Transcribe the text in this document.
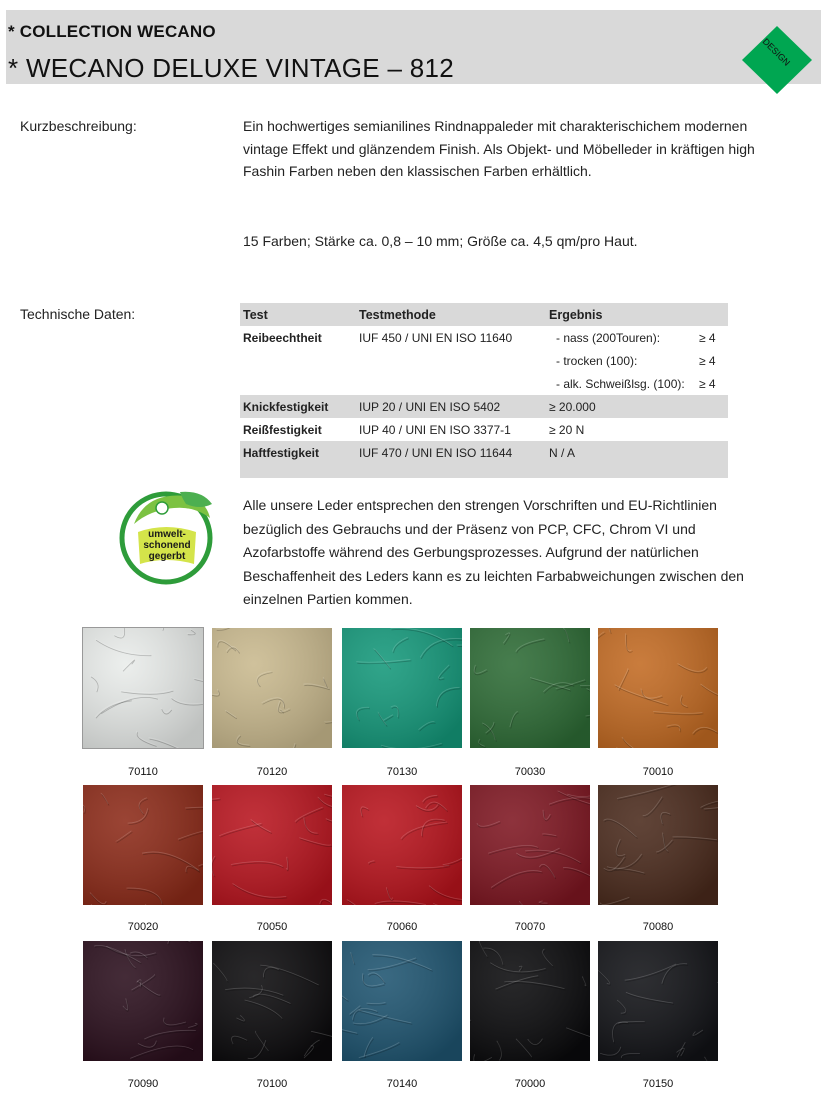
* COLLECTION WECANO
* WECANO DELUXE VINTAGE – 812
DESIGN
Kurzbeschreibung:	Ein hochwertiges semianilines Rindnappaleder mit charakterischichem modernen vintage Effekt und glänzendem Finish. Als Objekt- und Möbelleder in kräftigen high Fashin Farben neben den klassischen Farben erhältlich.
15 Farben; Stärke ca. 0,8 – 10 mm; Größe ca. 4,5 qm/pro Haut.
Technische Daten:	Test	Testmethode	Ergebnis	
Reibeechtheit	IUF 450 / UNI EN ISO 11640	- nass (200Touren):	≥ 4
		- trocken (100):	≥ 4
		- alk. Schweißlsg. (100):	≥ 4
Knickfestigkeit	IUP 20 / UNI EN ISO 5402	≥ 20.000	
Reißfestigkeit	IUP 40 / UNI EN ISO 3377-1	≥ 20 N	
Haftfestigkeit	IUF 470 / UNI EN ISO 11644	N / A	

umwelt-
schonend
gegerbt
Alle unsere Leder entsprechen den strengen Vorschriften und EU-Richtlinien bezüglich des Gebrauchs und der Präsenz von PCP, CFC, Chrom VI und Azofarbstoffe während des Gerbungsprozesses. Aufgrund der natürlichen Beschaffenheit des Leders kann es zu leichten Farbabweichungen zwischen den einzelnen Partien kommen.
70110	70120	70130	70030	70010
70020	70050	70060	70070	70080
70090	70100	70140	70000	70150
